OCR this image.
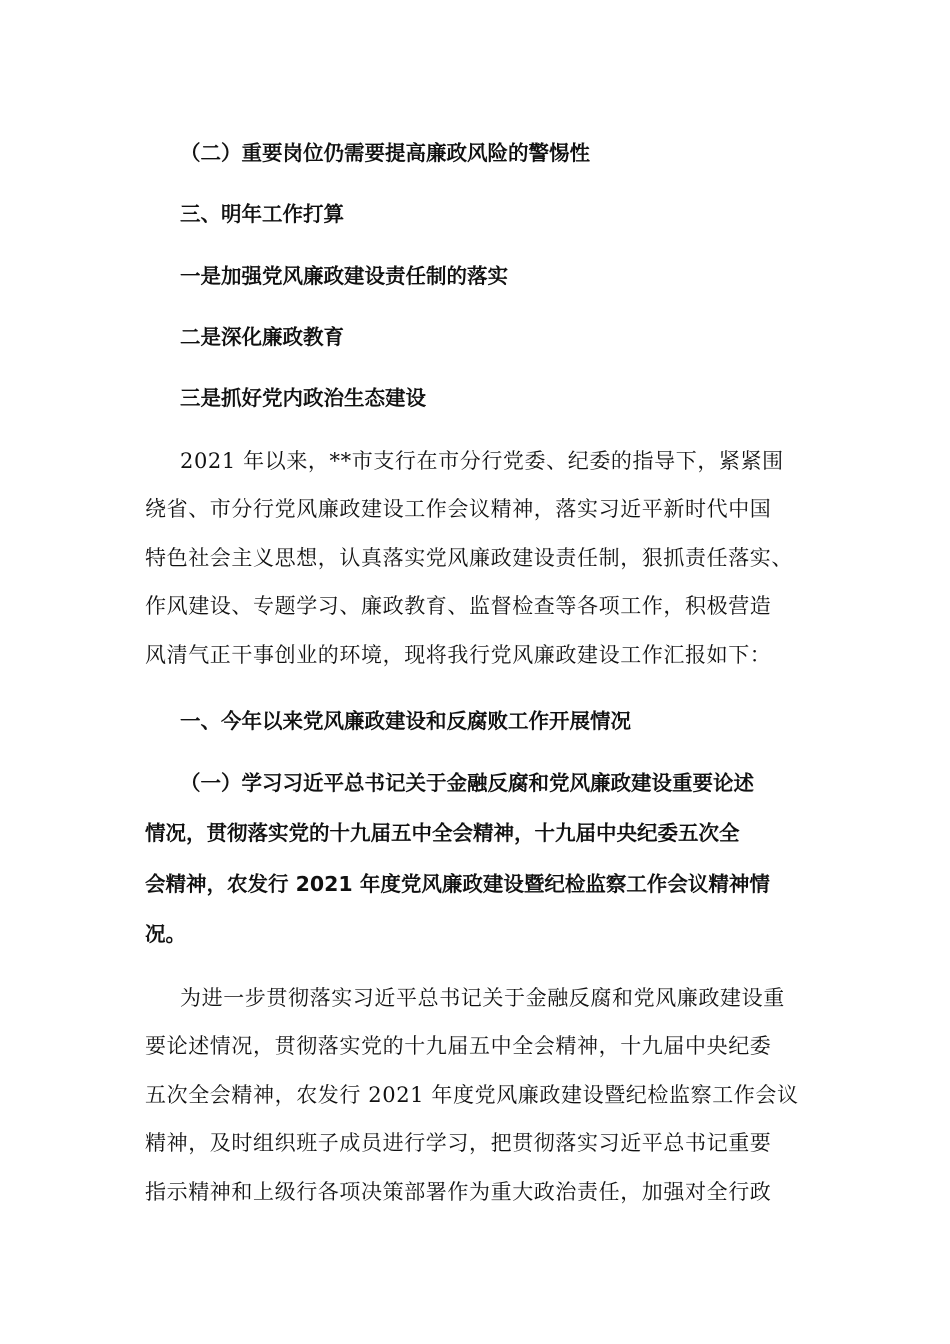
（二）重要岗位仍需要提高廉政风险的警惕性
三、明年工作打算
一是加强党风廉政建设责任制的落实
二是深化廉政教育
三是抓好党内政治生态建设
2021 年以来，**市支行在市分行党委、纪委的指导下，紧紧围
绕省、市分行党风廉政建设工作会议精神，落实习近平新时代中国
特色社会主义思想，认真落实党风廉政建设责任制，狠抓责任落实、
作风建设、专题学习、廉政教育、监督检查等各项工作，积极营造
风清气正干事创业的环境，现将我行党风廉政建设工作汇报如下：
一、今年以来党风廉政建设和反腐败工作开展情况
（一）学习习近平总书记关于金融反腐和党风廉政建设重要论述
情况，贯彻落实党的十九届五中全会精神，十九届中央纪委五次全
会精神，农发行 2021 年度党风廉政建设暨纪检监察工作会议精神情
况。
为进一步贯彻落实习近平总书记关于金融反腐和党风廉政建设重
要论述情况，贯彻落实党的十九届五中全会精神，十九届中央纪委
五次全会精神，农发行 2021 年度党风廉政建设暨纪检监察工作会议
精神，及时组织班子成员进行学习，把贯彻落实习近平总书记重要
指示精神和上级行各项决策部署作为重大政治责任，加强对全行政
